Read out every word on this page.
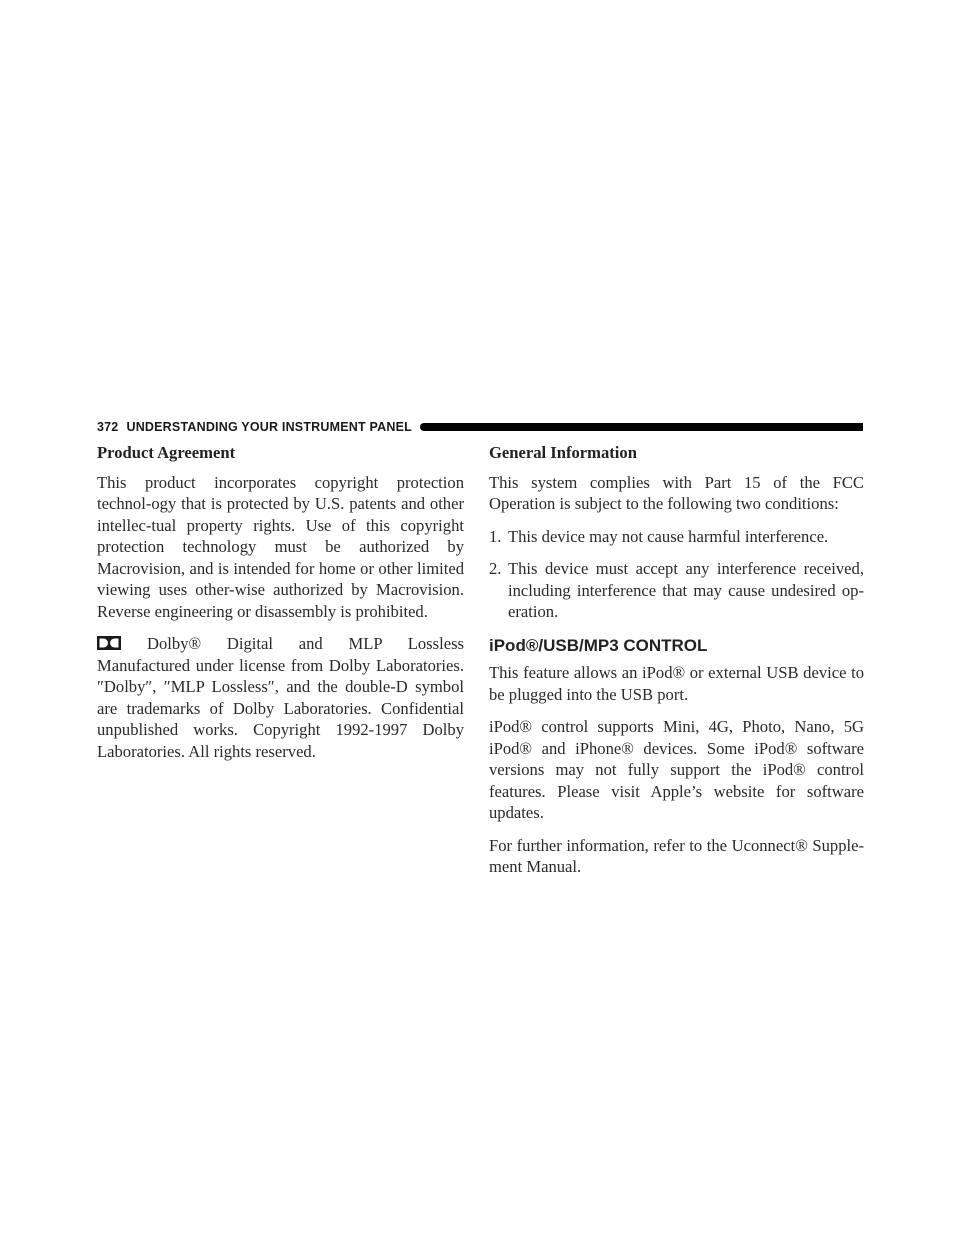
372 UNDERSTANDING YOUR INSTRUMENT PANEL
Product Agreement

This product incorporates copyright protection technol-ogy that is protected by U.S. patents and other intellec-tual property rights. Use of this copyright protection technology must be authorized by Macrovision, and is intended for home or other limited viewing uses other-wise authorized by Macrovision. Reverse engineering or disassembly is prohibited.

Dolby® Digital and MLP Lossless Manufactured under license from Dolby Laboratories. ″Dolby″, ″MLP Lossless″, and the double-D symbol are trademarks of Dolby Laboratories. Confidential unpublished works. Copyright 1992-1997 Dolby Laboratories. All rights reserved.

General Information

This system complies with Part 15 of the FCC Operation is subject to the following two conditions:

1. This device may not cause harmful interference.
2. This device must accept any interference received, including interference that may cause undesired op-eration.
iPod®/USB/MP3 CONTROL

This feature allows an iPod® or external USB device to be plugged into the USB port.

iPod® control supports Mini, 4G, Photo, Nano, 5G iPod® and iPhone® devices. Some iPod® software versions may not fully support the iPod® control features. Please visit Apple’s website for software updates.

For further information, refer to the Uconnect® Supple-ment Manual.
